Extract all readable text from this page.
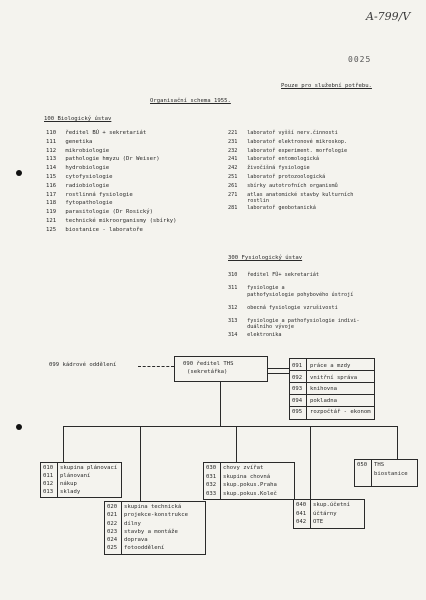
A-799/V
0025
Pouze pro služební potřebu.
Organisační schema 1955.
100 Biologický ústav
110 ředitel BÚ + sekretariát
111 genetika
112 mikrobiologie
113 pathologie hmyzu (Dr Weiser)
114 hydrobiologie
115 cytofysiologie
116 radiobiologie
117 rostlinná fysiologie
118 fytopathologie
119 parasitologie (Dr Rosický)
121 technické mikroorganismy (sbírky)
125 biostanice - laboratoře
221 laboratoř vyšší nerv.činnosti
231 laboratoř elektronové mikroskop.
232 laboratoř experiment. morfologie
241 laboratoř entomologická
242 živočišná fysiologie
251 laboratoř protozoologická
261 sbírky autotrofních organismů
271 atlas anatomické stavby kulturních
rostlin
281 laboratoř geobotanická
300 Fysiologický ústav
310 ředitel FÚ+ sekretariát
311 fysiologie a
pathofysiologie pohybového ústrojí
312 obecná fysiologie vzrušivosti
313 fysiologie a pathofysiologie indivi-
duálního vývoje
314 elektronika
099 kádrové oddělení	090 ředitel THS
(sekretářka)
091
092
093
094
095
práce a mzdy
vnitřní správa
knihovna
pokladna
rozpočtář - ekonom
010
011
012
013
skupina plánovací
plánovaní
nákup
sklady
020
021
022
023
024
025
skupina technická
projekce-konstrukce
dílny
stavby a montáže
doprava
fotooddělení
030
031
032
033
chovy zvířat
skupina chovná
skup.pokus.Praha
skup.pokus.Koleč
040
041
042
skup.účetní
účtárny
OTE
050 THS
biostanice
